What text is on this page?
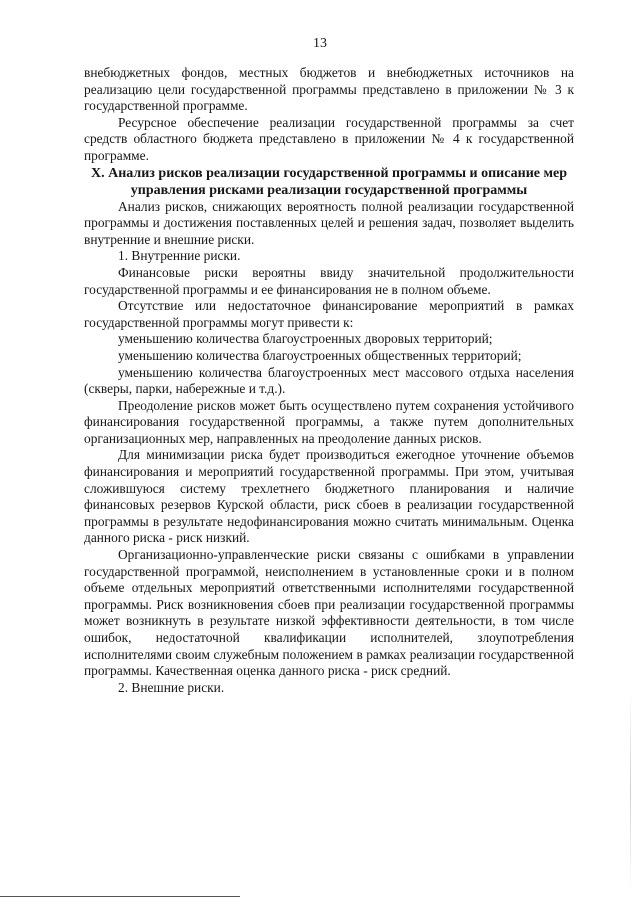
13

внебюджетных фондов, местных бюджетов и внебюджетных источников на реализацию цели государственной программы представлено в приложении № 3 к государственной программе.

Ресурсное обеспечение реализации государственной программы за счет средств областного бюджета представлено в приложении № 4 к государственной программе.

X. Анализ рисков реализации государственной программы и описание мер управления рисками реализации государственной программы

Анализ рисков, снижающих вероятность полной реализации государственной программы и достижения поставленных целей и решения задач, позволяет выделить внутренние и внешние риски.

1. Внутренние риски.

Финансовые риски вероятны ввиду значительной продолжительности государственной программы и ее финансирования не в полном объеме.

Отсутствие или недостаточное финансирование мероприятий в рамках государственной программы могут привести к:

уменьшению количества благоустроенных дворовых территорий;

уменьшению количества благоустроенных общественных территорий;

уменьшению количества благоустроенных мест массового отдыха населения (скверы, парки, набережные и т.д.).

Преодоление рисков может быть осуществлено путем сохранения устойчивого финансирования государственной программы, а также путем дополнительных организационных мер, направленных на преодоление данных рисков.

Для минимизации риска будет производиться ежегодное уточнение объемов финансирования и мероприятий государственной программы. При этом, учитывая сложившуюся систему трехлетнего бюджетного планирования и наличие финансовых резервов Курской области, риск сбоев в реализации государственной программы в результате недофинансирования можно считать минимальным. Оценка данного риска - риск низкий.

Организационно-управленческие риски связаны с ошибками в управлении государственной программой, неисполнением в установленные сроки и в полном объеме отдельных мероприятий ответственными исполнителями государственной программы. Риск возникновения сбоев при реализации государственной программы может возникнуть в результате низкой эффективности деятельности, в том числе ошибок, недостаточной квалификации исполнителей, злоупотребления исполнителями своим служебным положением в рамках реализации государственной программы. Качественная оценка данного риска - риск средний.

2. Внешние риски.
